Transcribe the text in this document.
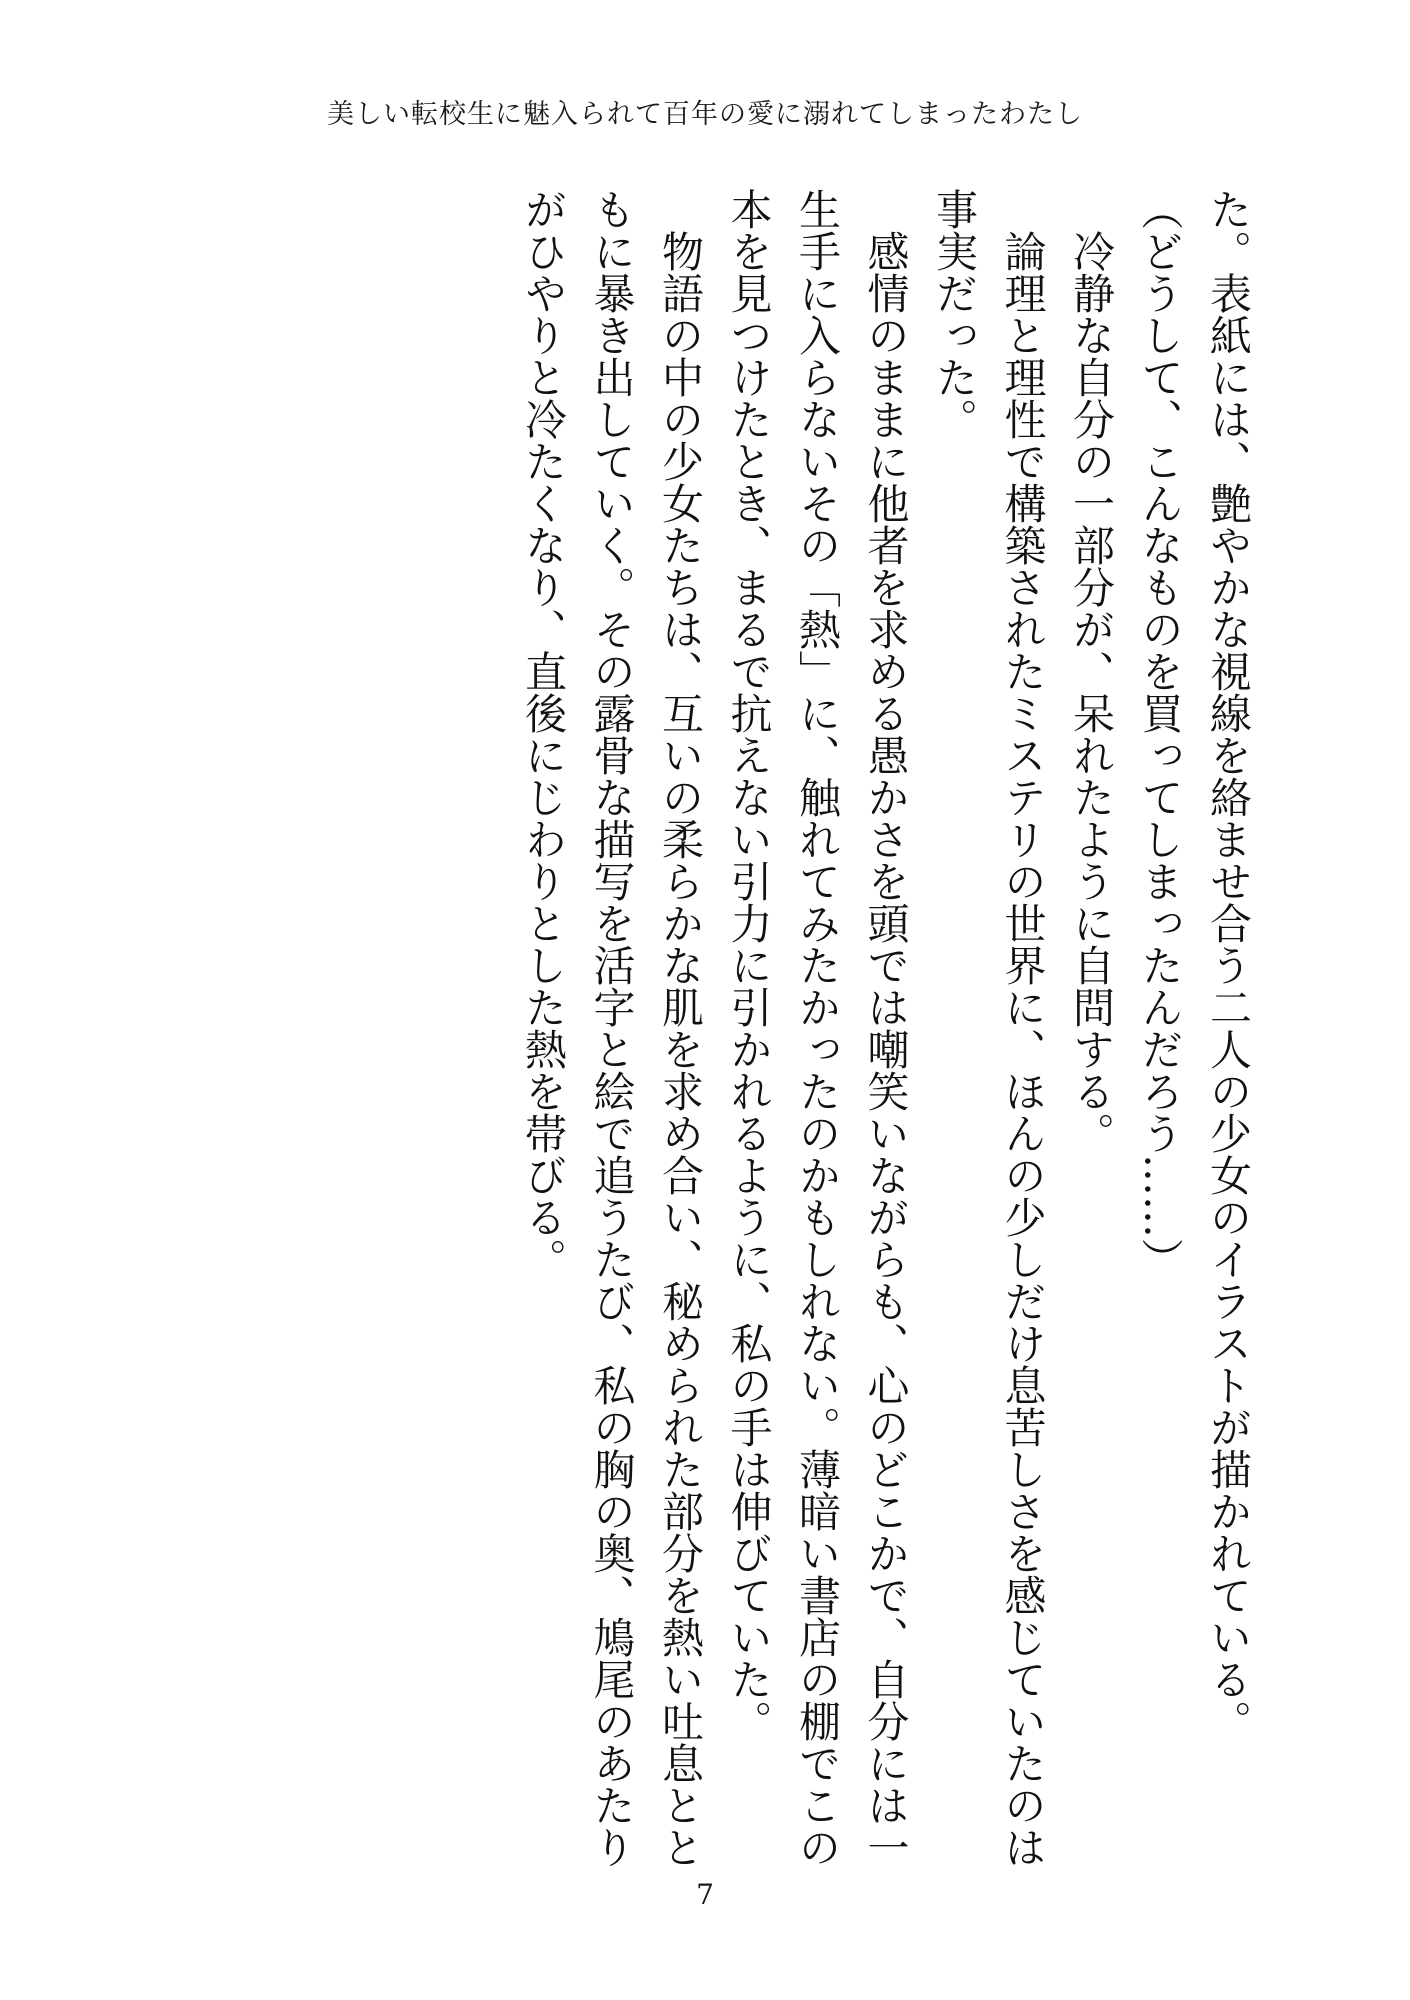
美しい転校生に魅入られて百年の愛に溺れてしまったわたし

た。表紙には、艶やかな視線を絡ませ合う二人の少女のイラストが描かれている。

（どうして、こんなものを買ってしまったんだろう……）

冷静な自分の一部分が、呆れたように自問する。

論理と理性で構築されたミステリの世界に、ほんの少しだけ息苦しさを感じていたのは事実だった。

感情のままに他者を求める愚かさを頭では嘲笑いながらも、心のどこかで、自分には一生手に入らないその「熱」に、触れてみたかったのかもしれない。薄暗い書店の棚でこの本を見つけたとき、まるで抗えない引力に引かれるように、私の手は伸びていた。

物語の中の少女たちは、互いの柔らかな肌を求め合い、秘められた部分を熱い吐息とともに暴き出していく。その露骨な描写を活字と絵で追うたび、私の胸の奥、鳩尾のあたりがひやりと冷たくなり、直後にじわりとした熱を帯びる。

7
